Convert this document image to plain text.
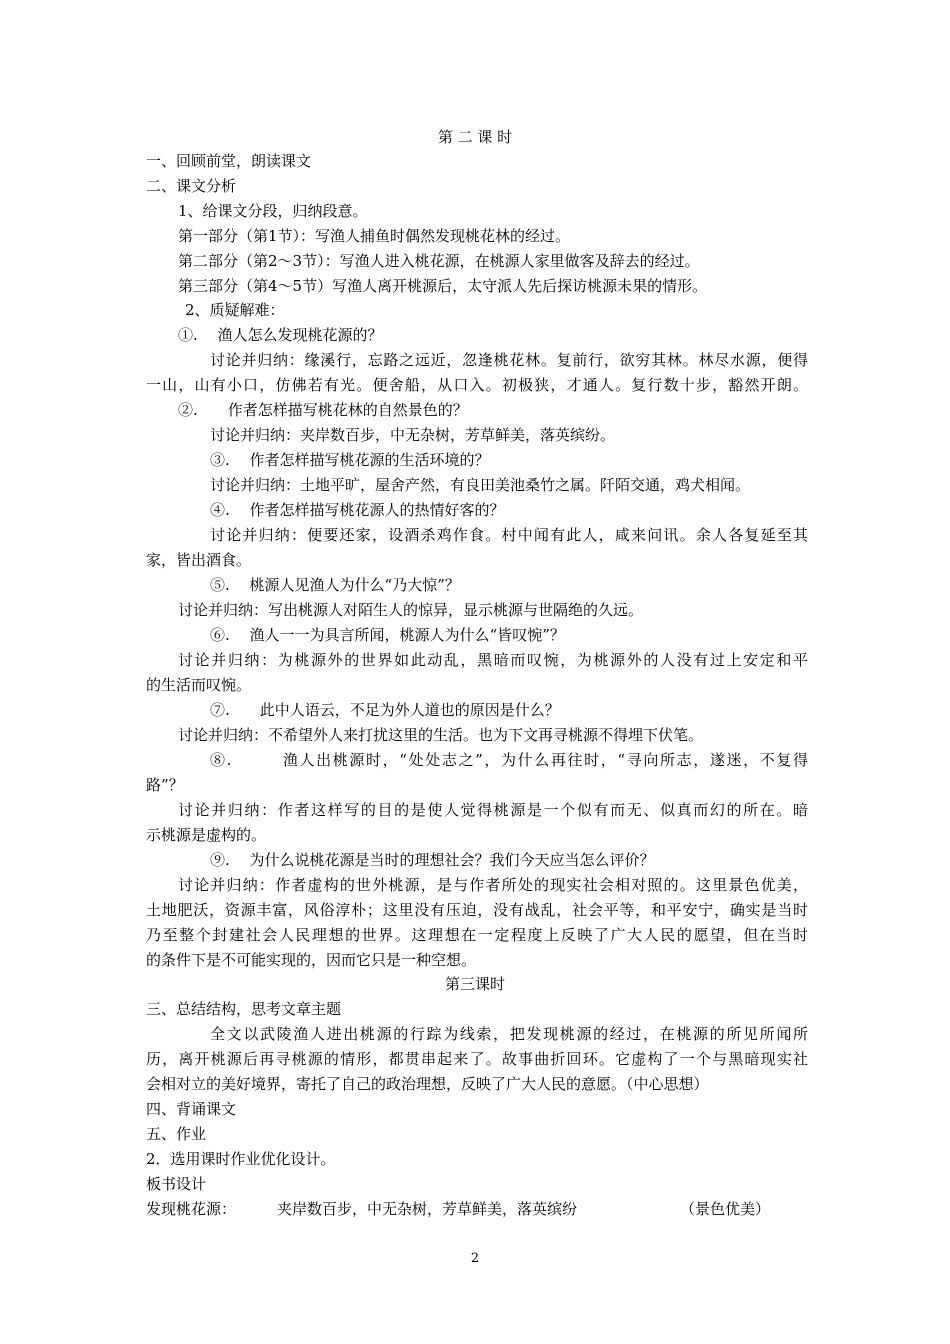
第 二 课 时
一、回顾前堂，朗读课文
二、课文分析
1、给课文分段，归纳段意。
第一部分（第1节）：写渔人捕鱼时偶然发现桃花林的经过。
第二部分（第2～3节）：写渔人进入桃花源，在桃源人家里做客及辞去的经过。
第三部分（第4～5节）写渔人离开桃源后，太守派人先后探访桃源未果的情形。
2、质疑解难：
①.　 渔人怎么发现桃花源的？
讨论并归纳：缘溪行，忘路之远近，忽逢桃花林。复前行，欲穷其林。林尽水源，便得
一山，山有小口，仿佛若有光。便舍船，从口入。初极狭，才通人。复行数十步，豁然开朗。
②.　　作者怎样描写桃花林的自然景色的？
讨论并归纳：夹岸数百步，中无杂树，芳草鲜美，落英缤纷。
③.　 作者怎样描写桃花源的生活环境的？
讨论并归纳：土地平旷，屋舍产然，有良田美池桑竹之属。阡陌交通，鸡犬相闻。
④.　 作者怎样描写桃花源人的热情好客的？
讨论并归纳：便要还家，设酒杀鸡作食。村中闻有此人，咸来问讯。余人各复延至其
家，皆出酒食。
⑤.　 桃源人见渔人为什么“乃大惊”？
讨论并归纳：写出桃源人对陌生人的惊异，显示桃源与世隔绝的久远。
⑥.　 渔人一一为具言所闻，桃源人为什么“皆叹惋”？
讨论并归纳：为桃源外的世界如此动乱，黑暗而叹惋，为桃源外的人没有过上安定和平
的生活而叹惋。
⑦.　　此中人语云，不足为外人道也的原因是什么？
讨论并归纳：不希望外人来打扰这里的生活。也为下文再寻桃源不得埋下伏笔。
⑧.　　　渔人出桃源时，“处处志之”，为什么再往时，“寻向所志，遂迷，不复得
路”？
讨论并归纳：作者这样写的目的是使人觉得桃源是一个似有而无、似真而幻的所在。暗
示桃源是虚构的。
⑨.　 为什么说桃花源是当时的理想社会？我们今天应当怎么评价？
讨论并归纳：作者虚构的世外桃源，是与作者所处的现实社会相对照的。这里景色优美，
土地肥沃，资源丰富，风俗淳朴；这里没有压迫，没有战乱，社会平等，和平安宁，确实是当时
乃至整个封建社会人民理想的世界。这理想在一定程度上反映了广大人民的愿望，但在当时
的条件下是不可能实现的，因而它只是一种空想。
第三课时
三、总结结构，思考文章主题
全文以武陵渔人进出桃源的行踪为线索，把发现桃源的经过，在桃源的所见所闻所
历，离开桃源后再寻桃源的情形，都贯串起来了。故事曲折回环。它虚构了一个与黑暗现实社
会相对立的美好境界，寄托了自己的政治理想，反映了广大人民的意愿。（中心思想）
四、背诵课文
五、作业
2．选用课时作业优化设计。
板书设计
发现桃花源：	夹岸数百步，中无杂树，芳草鲜美，落英缤纷	（景色优美）
2
